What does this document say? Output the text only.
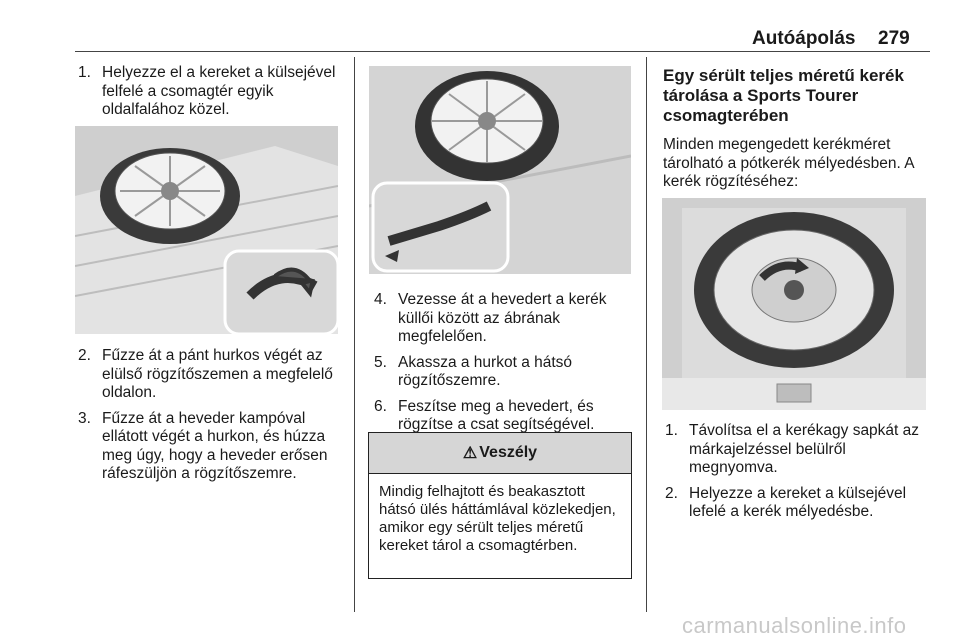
Autóápolás 279
1. Helyezze el a kereket a külsejével felfelé a csomagtér egyik oldalfalához közel.
2. Fűzze át a pánt hurkos végét az elülső rögzítőszemen a megfelelő oldalon.
3. Fűzze át a heveder kampóval ellátott végét a hurkon, és húzza meg úgy, hogy a heveder erősen ráfeszüljön a rögzítőszemre.
4. Vezesse át a hevedert a kerék küllői között az ábrának megfelelően.
5. Akassza a hurkot a hátsó rögzítőszemre.
6. Feszítse meg a hevedert, és rögzítse a csat segítségével.
⚠ Veszély
Mindig felhajtott és beakasztott hátsó ülés háttámlával közlekedjen, amikor egy sérült teljes méretű kereket tárol a csomagtérben.
Egy sérült teljes méretű kerék tárolása a Sports Tourer csomagterében

Minden megengedett kerékméret tárolható a pótkerék mélyedésben. A kerék rögzítéséhez:

1. Távolítsa el a kerékagy sapkát az márkajelzéssel belülről megnyomva.
2. Helyezze a kereket a külsejével lefelé a kerék mélyedésbe.
carmanualsonline.info
